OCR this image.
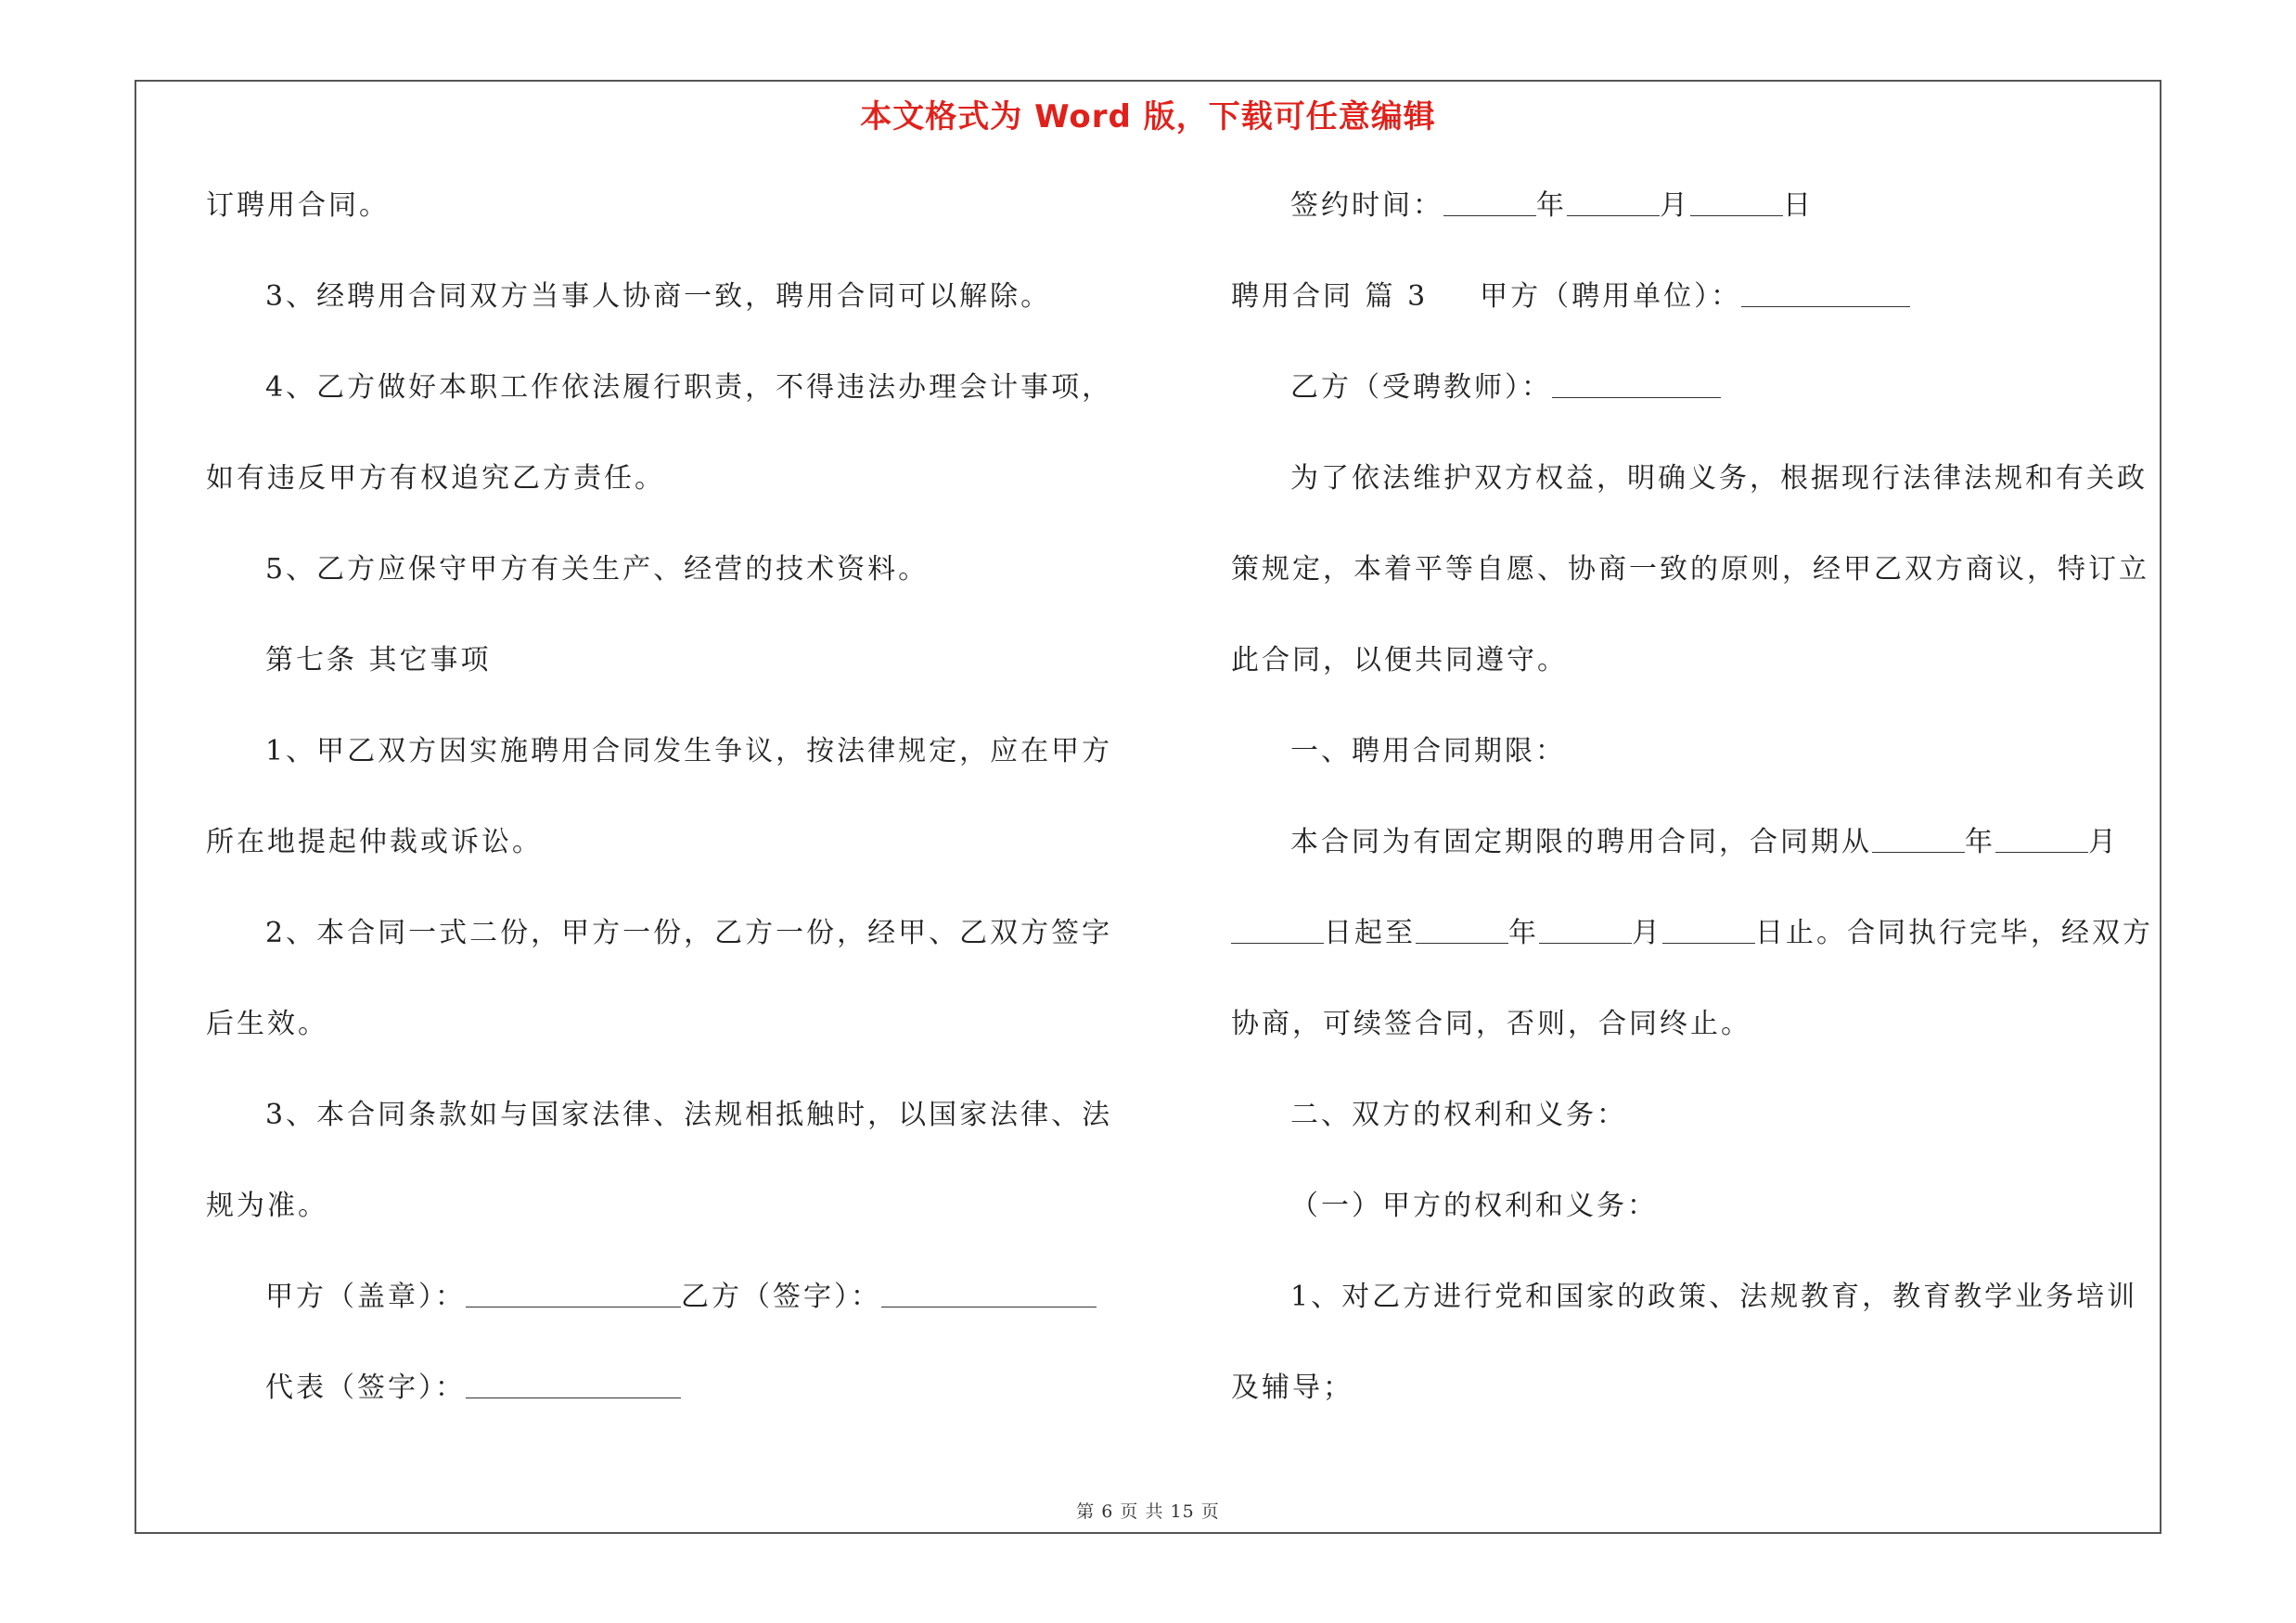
本文格式为 Word 版，下载可任意编辑
订聘用合同。
3、经聘用合同双方当事人协商一致，聘用合同可以解除。
4、乙方做好本职工作依法履行职责，不得违法办理会计事项，
如有违反甲方有权追究乙方责任。
5、乙方应保守甲方有关生产、经营的技术资料。
第七条 其它事项
1、甲乙双方因实施聘用合同发生争议，按法律规定，应在甲方
所在地提起仲裁或诉讼。
2、本合同一式二份，甲方一份，乙方一份，经甲、乙双方签字
后生效。
3、本合同条款如与国家法律、法规相抵触时，以国家法律、法
规为准。
甲方（盖章）：	乙方（签字）：
代表（签字）：
签约时间：	年	月	日
聘用合同 篇 3 甲方（聘用单位）：
乙方（受聘教师）：
为了依法维护双方权益，明确义务，根据现行法律法规和有关政
策规定，本着平等自愿、协商一致的原则，经甲乙双方商议，特订立
此合同，以便共同遵守。
一、聘用合同期限：
本合同为有固定期限的聘用合同，合同期从	年	月
日起至	年	月	日止。合同执行完毕，经双方
协商，可续签合同，否则，合同终止。
二、双方的权利和义务：
（一）甲方的权利和义务：
1、对乙方进行党和国家的政策、法规教育，教育教学业务培训
及辅导；
第 6 页 共 15 页
